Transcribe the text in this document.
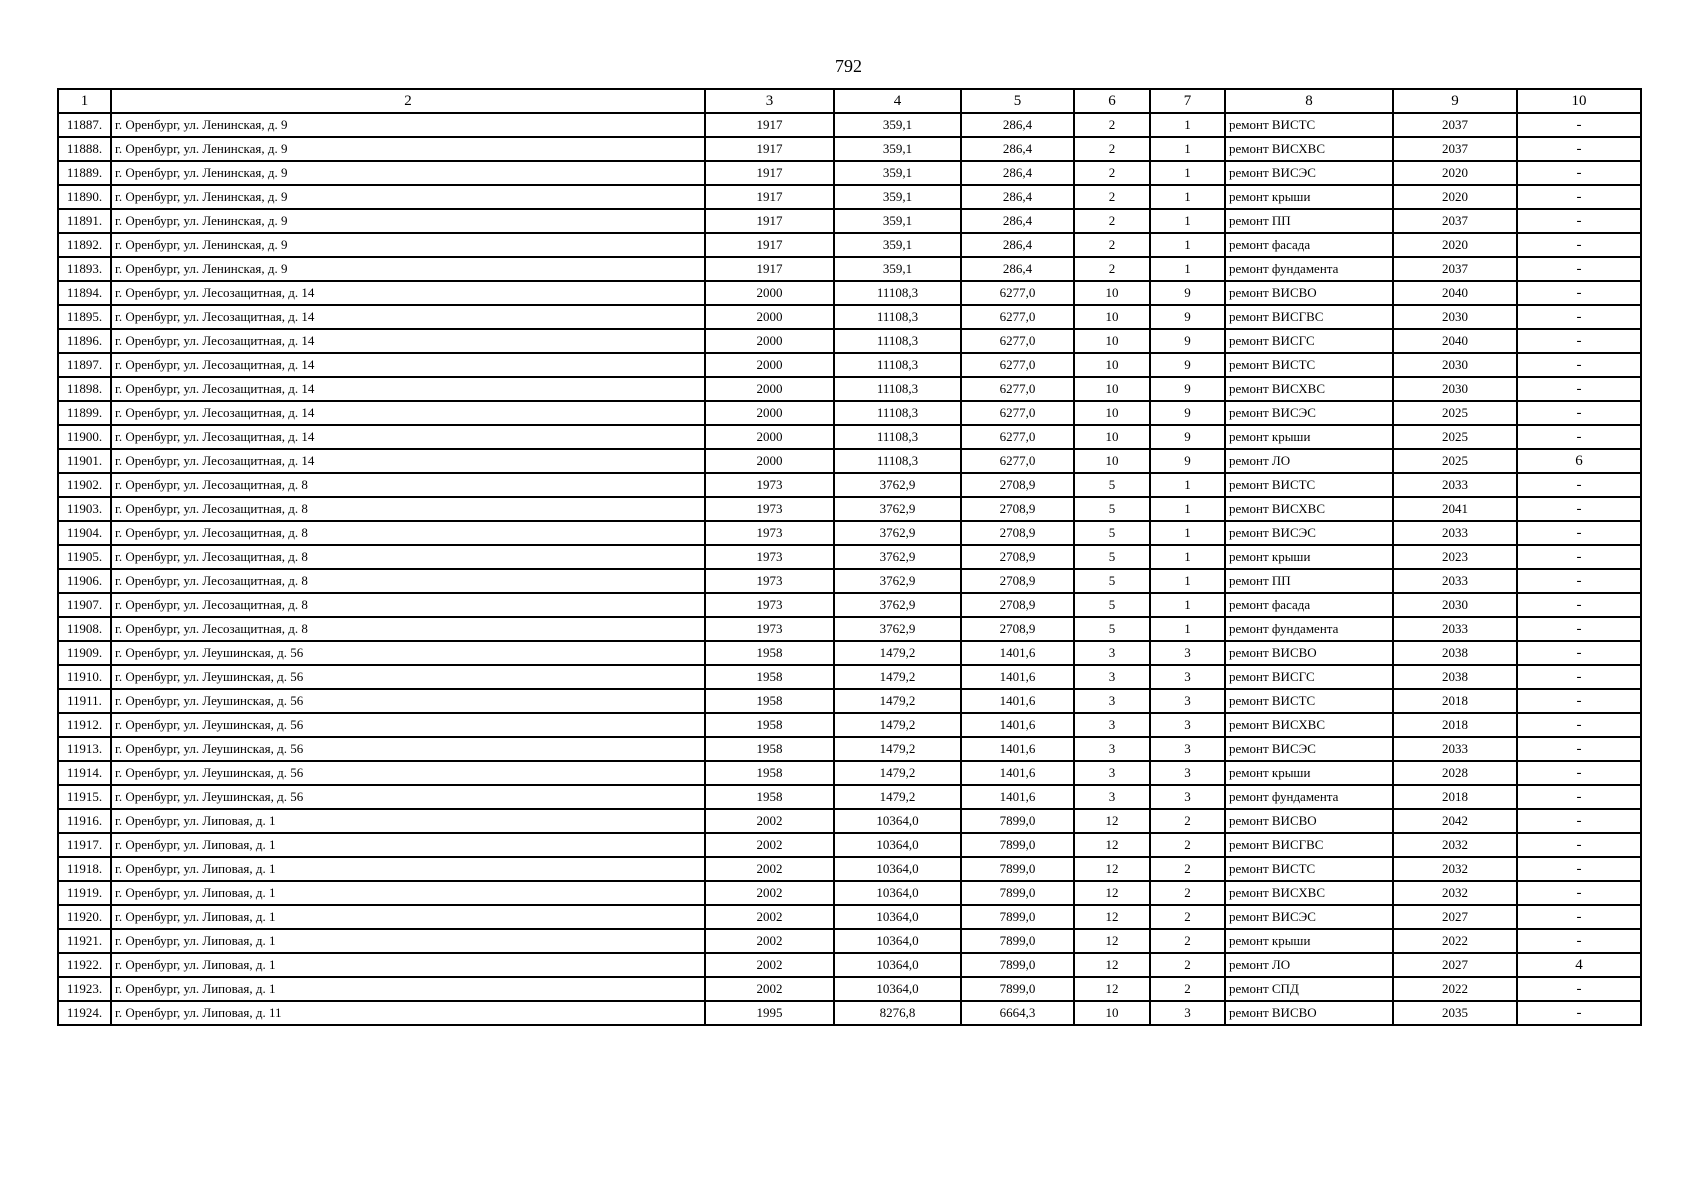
792
1	2	3	4	5	6	7	8	9	10
11887.	г. Оренбург, ул. Ленинская, д. 9	1917	359,1	286,4	2	1	ремонт ВИСТС	2037	-
11888.	г. Оренбург, ул. Ленинская, д. 9	1917	359,1	286,4	2	1	ремонт ВИСХВС	2037	-
11889.	г. Оренбург, ул. Ленинская, д. 9	1917	359,1	286,4	2	1	ремонт ВИСЭС	2020	-
11890.	г. Оренбург, ул. Ленинская, д. 9	1917	359,1	286,4	2	1	ремонт крыши	2020	-
11891.	г. Оренбург, ул. Ленинская, д. 9	1917	359,1	286,4	2	1	ремонт ПП	2037	-
11892.	г. Оренбург, ул. Ленинская, д. 9	1917	359,1	286,4	2	1	ремонт фасада	2020	-
11893.	г. Оренбург, ул. Ленинская, д. 9	1917	359,1	286,4	2	1	ремонт фундамента	2037	-
11894.	г. Оренбург, ул. Лесозащитная, д. 14	2000	11108,3	6277,0	10	9	ремонт ВИСВО	2040	-
11895.	г. Оренбург, ул. Лесозащитная, д. 14	2000	11108,3	6277,0	10	9	ремонт ВИСГВС	2030	-
11896.	г. Оренбург, ул. Лесозащитная, д. 14	2000	11108,3	6277,0	10	9	ремонт ВИСГС	2040	-
11897.	г. Оренбург, ул. Лесозащитная, д. 14	2000	11108,3	6277,0	10	9	ремонт ВИСТС	2030	-
11898.	г. Оренбург, ул. Лесозащитная, д. 14	2000	11108,3	6277,0	10	9	ремонт ВИСХВС	2030	-
11899.	г. Оренбург, ул. Лесозащитная, д. 14	2000	11108,3	6277,0	10	9	ремонт ВИСЭС	2025	-
11900.	г. Оренбург, ул. Лесозащитная, д. 14	2000	11108,3	6277,0	10	9	ремонт крыши	2025	-
11901.	г. Оренбург, ул. Лесозащитная, д. 14	2000	11108,3	6277,0	10	9	ремонт ЛО	2025	6
11902.	г. Оренбург, ул. Лесозащитная, д. 8	1973	3762,9	2708,9	5	1	ремонт ВИСТС	2033	-
11903.	г. Оренбург, ул. Лесозащитная, д. 8	1973	3762,9	2708,9	5	1	ремонт ВИСХВС	2041	-
11904.	г. Оренбург, ул. Лесозащитная, д. 8	1973	3762,9	2708,9	5	1	ремонт ВИСЭС	2033	-
11905.	г. Оренбург, ул. Лесозащитная, д. 8	1973	3762,9	2708,9	5	1	ремонт крыши	2023	-
11906.	г. Оренбург, ул. Лесозащитная, д. 8	1973	3762,9	2708,9	5	1	ремонт ПП	2033	-
11907.	г. Оренбург, ул. Лесозащитная, д. 8	1973	3762,9	2708,9	5	1	ремонт фасада	2030	-
11908.	г. Оренбург, ул. Лесозащитная, д. 8	1973	3762,9	2708,9	5	1	ремонт фундамента	2033	-
11909.	г. Оренбург, ул. Леушинская, д. 56	1958	1479,2	1401,6	3	3	ремонт ВИСВО	2038	-
11910.	г. Оренбург, ул. Леушинская, д. 56	1958	1479,2	1401,6	3	3	ремонт ВИСГС	2038	-
11911.	г. Оренбург, ул. Леушинская, д. 56	1958	1479,2	1401,6	3	3	ремонт ВИСТС	2018	-
11912.	г. Оренбург, ул. Леушинская, д. 56	1958	1479,2	1401,6	3	3	ремонт ВИСХВС	2018	-
11913.	г. Оренбург, ул. Леушинская, д. 56	1958	1479,2	1401,6	3	3	ремонт ВИСЭС	2033	-
11914.	г. Оренбург, ул. Леушинская, д. 56	1958	1479,2	1401,6	3	3	ремонт крыши	2028	-
11915.	г. Оренбург, ул. Леушинская, д. 56	1958	1479,2	1401,6	3	3	ремонт фундамента	2018	-
11916.	г. Оренбург, ул. Липовая, д. 1	2002	10364,0	7899,0	12	2	ремонт ВИСВО	2042	-
11917.	г. Оренбург, ул. Липовая, д. 1	2002	10364,0	7899,0	12	2	ремонт ВИСГВС	2032	-
11918.	г. Оренбург, ул. Липовая, д. 1	2002	10364,0	7899,0	12	2	ремонт ВИСТС	2032	-
11919.	г. Оренбург, ул. Липовая, д. 1	2002	10364,0	7899,0	12	2	ремонт ВИСХВС	2032	-
11920.	г. Оренбург, ул. Липовая, д. 1	2002	10364,0	7899,0	12	2	ремонт ВИСЭС	2027	-
11921.	г. Оренбург, ул. Липовая, д. 1	2002	10364,0	7899,0	12	2	ремонт крыши	2022	-
11922.	г. Оренбург, ул. Липовая, д. 1	2002	10364,0	7899,0	12	2	ремонт ЛО	2027	4
11923.	г. Оренбург, ул. Липовая, д. 1	2002	10364,0	7899,0	12	2	ремонт СПД	2022	-
11924.	г. Оренбург, ул. Липовая, д. 11	1995	8276,8	6664,3	10	3	ремонт ВИСВО	2035	-
